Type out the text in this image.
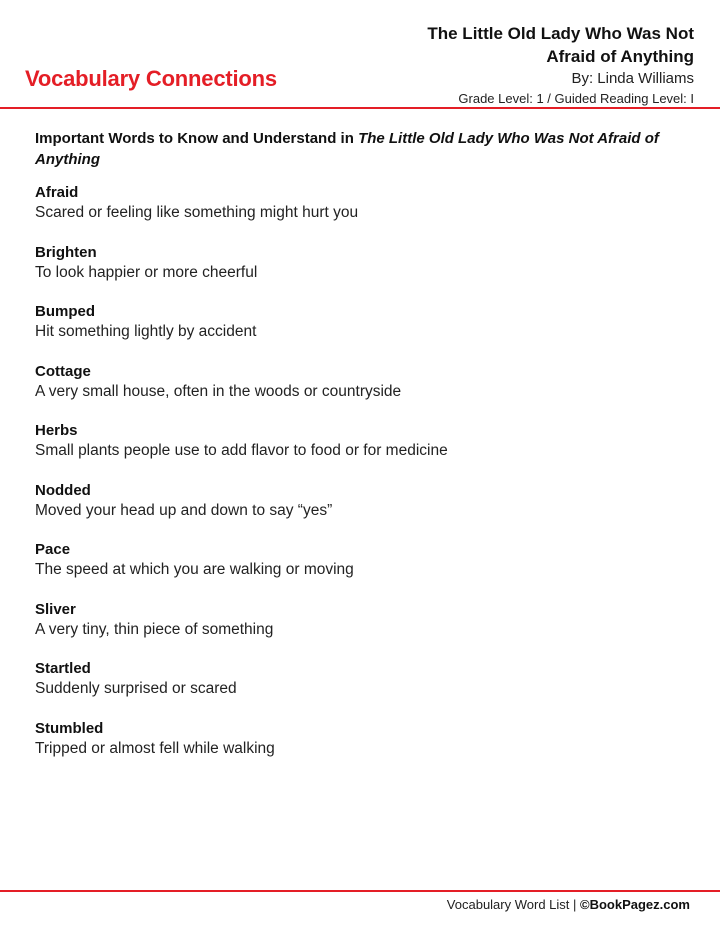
Vocabulary Connections
The Little Old Lady Who Was Not
Afraid of Anything
By: Linda Williams
Grade Level: 1 / Guided Reading Level: I
Important Words to Know and Understand in The Little Old Lady Who Was Not Afraid of Anything
Afraid
Scared or feeling like something might hurt you
Brighten
To look happier or more cheerful
Bumped
Hit something lightly by accident
Cottage
A very small house, often in the woods or countryside
Herbs
Small plants people use to add flavor to food or for medicine
Nodded
Moved your head up and down to say “yes”
Pace
The speed at which you are walking or moving
Sliver
A very tiny, thin piece of something
Startled
Suddenly surprised or scared
Stumbled
Tripped or almost fell while walking
Vocabulary Word List | ©BookPagez.com
